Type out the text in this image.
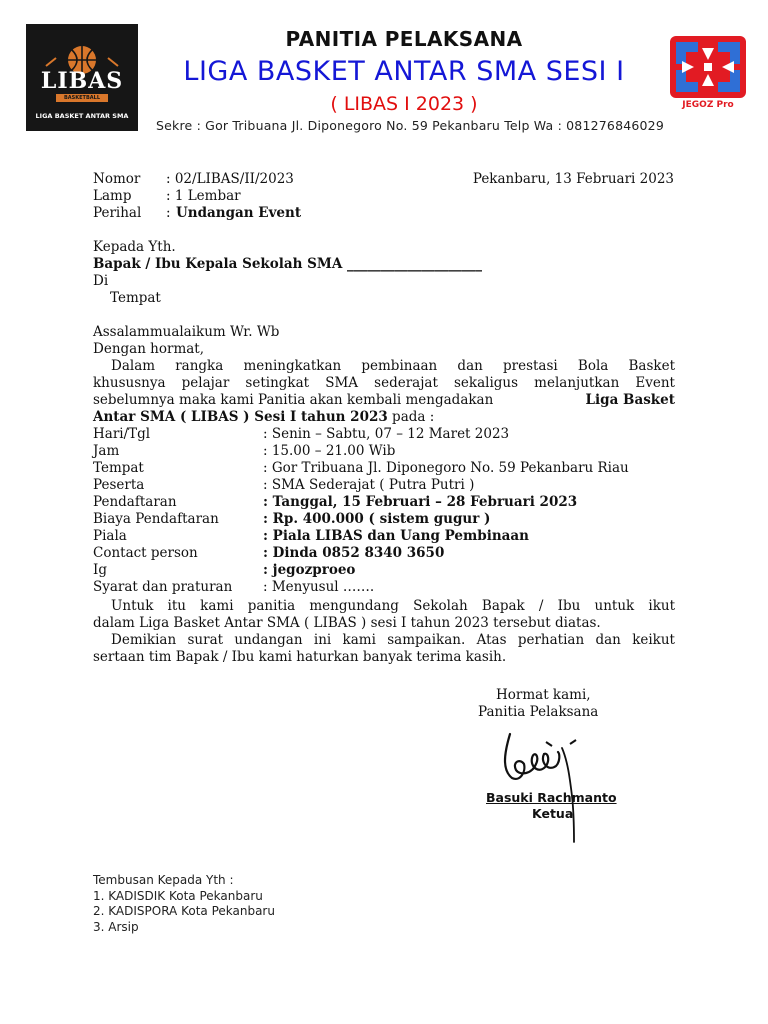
LIBAS
BASKETBALL
LIGA BASKET ANTAR SMA
PANITIA PELAKSANA
LIGA BASKET ANTAR SMA SESI I
( LIBAS I 2023 )
Sekre : Gor Tribuana Jl. Diponegoro No. 59 Pekanbaru Telp Wa : 081276846029
JEGOZ Pro
Nomor : 02/LIBAS/II/2023	Pekanbaru, 13 Februari 2023
Lamp	: 1 Lembar
Perihal : Undangan Event
Kepada Yth.
Bapak / Ibu Kepala Sekolah SMA ____________________
Di
Tempat
Assalammualaikum Wr. Wb
Dengan hormat,
Dalam rangka meningkatkan pembinaan dan prestasi Bola Basket
khususnya pelajar setingkat SMA sederajat sekaligus melanjutkan Event
sebelumnya maka kami Panitia akan kembali mengadakan	Liga Basket
Antar SMA ( LIBAS ) Sesi I tahun 2023 pada :
Hari/Tgl	: Senin – Sabtu, 07 – 12 Maret 2023
Jam	: 15.00 – 21.00 Wib
Tempat	: Gor Tribuana Jl. Diponegoro No. 59 Pekanbaru Riau
Peserta	: SMA Sederajat ( Putra Putri )
Pendaftaran	: Tanggal, 15 Februari – 28 Februari 2023
Biaya Pendaftaran	: Rp. 400.000 ( sistem gugur )
Piala	: Piala LIBAS dan Uang Pembinaan
Contact person	: Dinda 0852 8340 3650
Ig	: jegozproeo
Syarat dan praturan : Menyusul …….
Untuk itu kami panitia mengundang Sekolah Bapak / Ibu untuk ikut
dalam Liga Basket Antar SMA ( LIBAS ) sesi I tahun 2023 tersebut diatas.
Demikian surat undangan ini kami sampaikan. Atas perhatian dan keikut
sertaan tim Bapak / Ibu kami haturkan banyak terima kasih.
Hormat kami,
Panitia Pelaksana
Basuki Rachmanto
Ketua
Tembusan Kepada Yth :
1. KADISDIK Kota Pekanbaru
2. KADISPORA Kota Pekanbaru
3. Arsip
